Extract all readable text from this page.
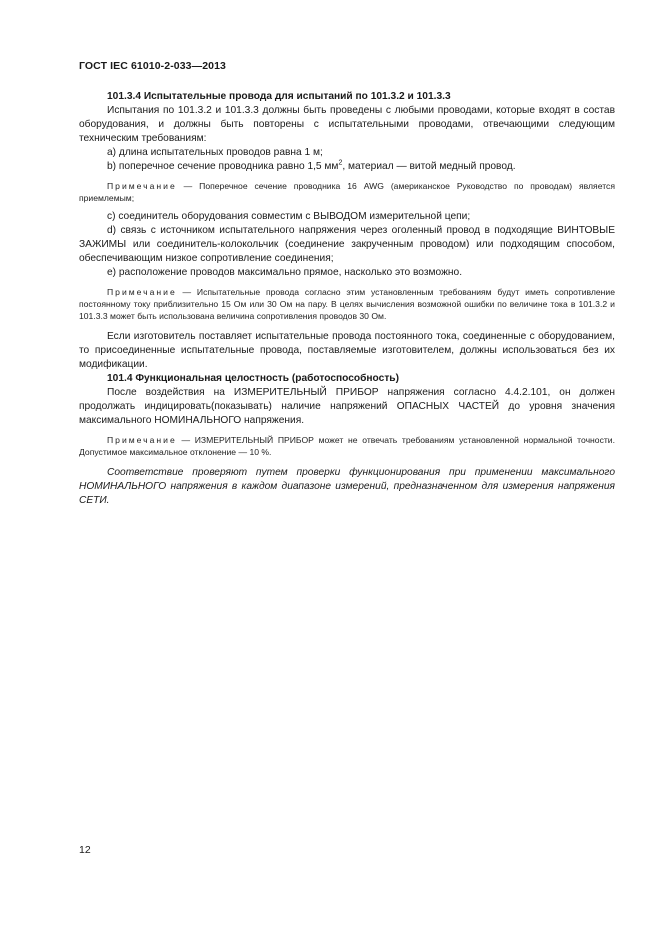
ГОСТ IEC 61010-2-033—2013

101.3.4 Испытательные провода для испытаний по 101.3.2 и 101.3.3

Испытания по 101.3.2 и 101.3.3 должны быть проведены с любыми проводами, которые входят в состав оборудования, и должны быть повторены с испытательными проводами, отвечающими следующим техническим требованиям:

a) длина испытательных проводов равна 1 м;

b) поперечное сечение проводника равно 1,5 $мм^2$, материал — витой медный провод.

Примечание — Поперечное сечение проводника 16 AWG (американское Руководство по проводам) является приемлемым;

c) соединитель оборудования совместим с ВЫВОДОМ измерительной цепи;

d) связь с источником испытательного напряжения через оголенный провод в подходящие ВИНТОВЫЕ ЗАЖИМЫ или соединитель-колокольчик (соединение закрученным проводом) или подходящим способом, обеспечивающим низкое сопротивление соединения;

e) расположение проводов максимально прямое, насколько это возможно.

Примечание — Испытательные провода согласно этим установленным требованиям будут иметь сопротивление постоянному току приблизительно 15 Ом или 30 Ом на пару. В целях вычисления возможной ошибки по величине тока в 101.3.2 и 101.3.3 может быть использована величина сопротивления проводов 30 Ом.

Если изготовитель поставляет испытательные провода постоянного тока, соединенные с оборудованием, то присоединенные испытательные провода, поставляемые изготовителем, должны использоваться без их модификации.

101.4 Функциональная целостность (работоспособность)

После воздействия на ИЗМЕРИТЕЛЬНЫЙ ПРИБОР напряжения согласно 4.4.2.101, он должен продолжать индицировать(показывать) наличие напряжений ОПАСНЫХ ЧАСТЕЙ до уровня значения максимального НОМИНАЛЬНОГО напряжения.

Примечание — ИЗМЕРИТЕЛЬНЫЙ ПРИБОР может не отвечать требованиям установленной нормальной точности. Допустимое максимальное отклонение — 10 %.

Соответствие проверяют путем проверки функционирования при применении максимального НОМИНАЛЬНОГО напряжения в каждом диапазоне измерений, предназначенном для измерения напряжения СЕТИ.

12
